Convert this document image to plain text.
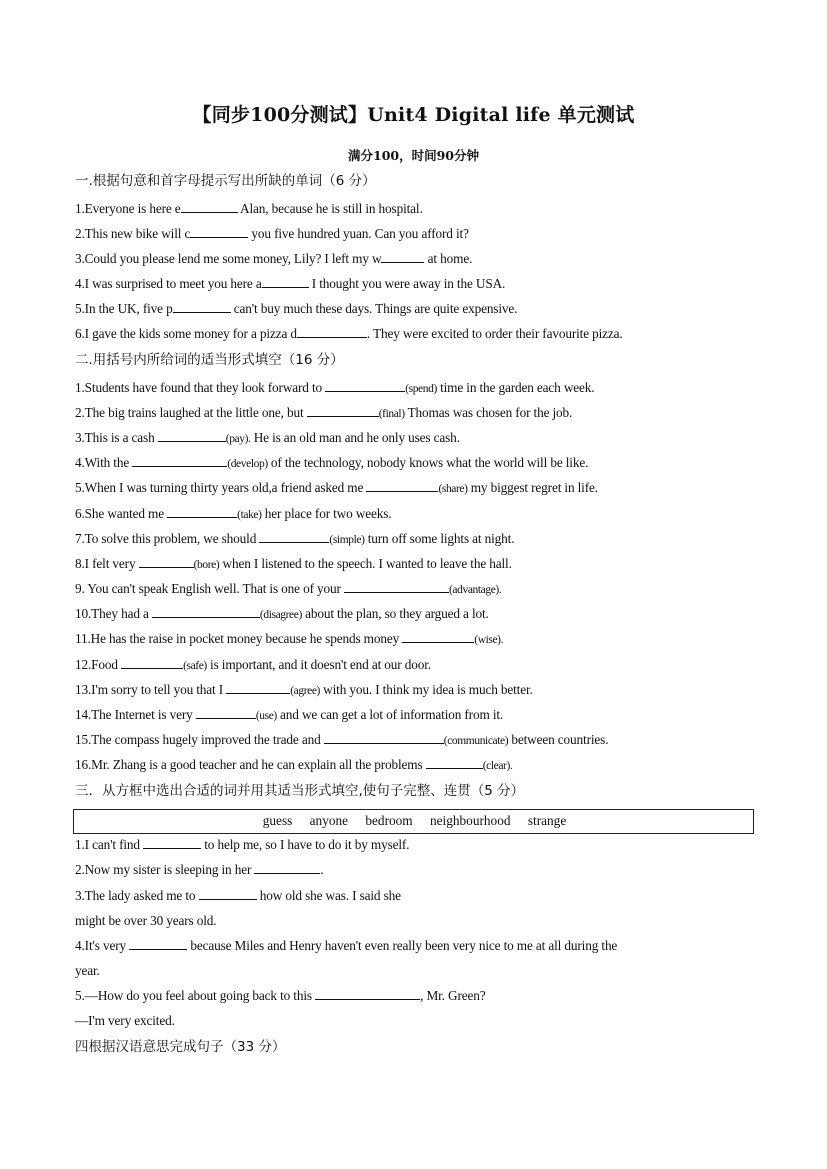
【同步100分测试】Unit4 Digital life 单元测试
满分100，时间90分钟
一.根据句意和首字母提示写出所缺的单词（6 分）
1.Everyone is here e	Alan, because he is still in hospital.
2.This new bike will c	you five hundred yuan. Can you afford it?
3.Could you please lend me some money, Lily? I left my w	at home.
4.I was surprised to meet you here a	I thought you were away in the USA.
5.In the UK, five p	can't buy much these days. Things are quite expensive.
6.I gave the kids some money for a pizza d	. They were excited to order their favourite pizza.
二.用括号内所给词的适当形式填空（16 分）
1.Students have found that they look forward to	(spend) time in the garden each week.
2.The big trains laughed at the little one, but	(final) Thomas was chosen for the job.
3.This is a cash	(pay). He is an old man and he only uses cash.
4.With the	(develop) of the technology, nobody knows what the world will be like.
5.When I was turning thirty years old,a friend asked me	(share) my biggest regret in life.
6.She wanted me	(take) her place for two weeks.
7.To solve this problem, we should	(simple) turn off some lights at night.
8.I felt very	(bore) when I listened to the speech. I wanted to leave the hall.
9. You can't speak English well. That is one of your	(advantage).
10.They had a	(disagree) about the plan, so they argued a lot.
11.He has the raise in pocket money because he spends money	(wise).
12.Food	(safe) is important, and it doesn't end at our door.
13.I'm sorry to tell you that I	(agree) with you. I think my idea is much better.
14.The Internet is very	(use) and we can get a lot of information from it.
15.The compass hugely improved the trade and	(communicate) between countries.
16.Mr. Zhang is a good teacher and he can explain all the problems	(clear).
三．从方框中选出合适的词并用其适当形式填空,使句子完整、连贯（5 分）
guess anyone bedroom neighbourhood strange
1.I can't find	to help me, so I have to do it by myself.
2.Now my sister is sleeping in her	.
3.The lady asked me to	how old she was. I said she
might be over 30 years old.
4.It's very	because Miles and Henry haven't even really been very nice to me at all during the
year.
5.—How do you feel about going back to this	, Mr. Green?
—I'm very excited.
四根据汉语意思完成句子（33 分）
